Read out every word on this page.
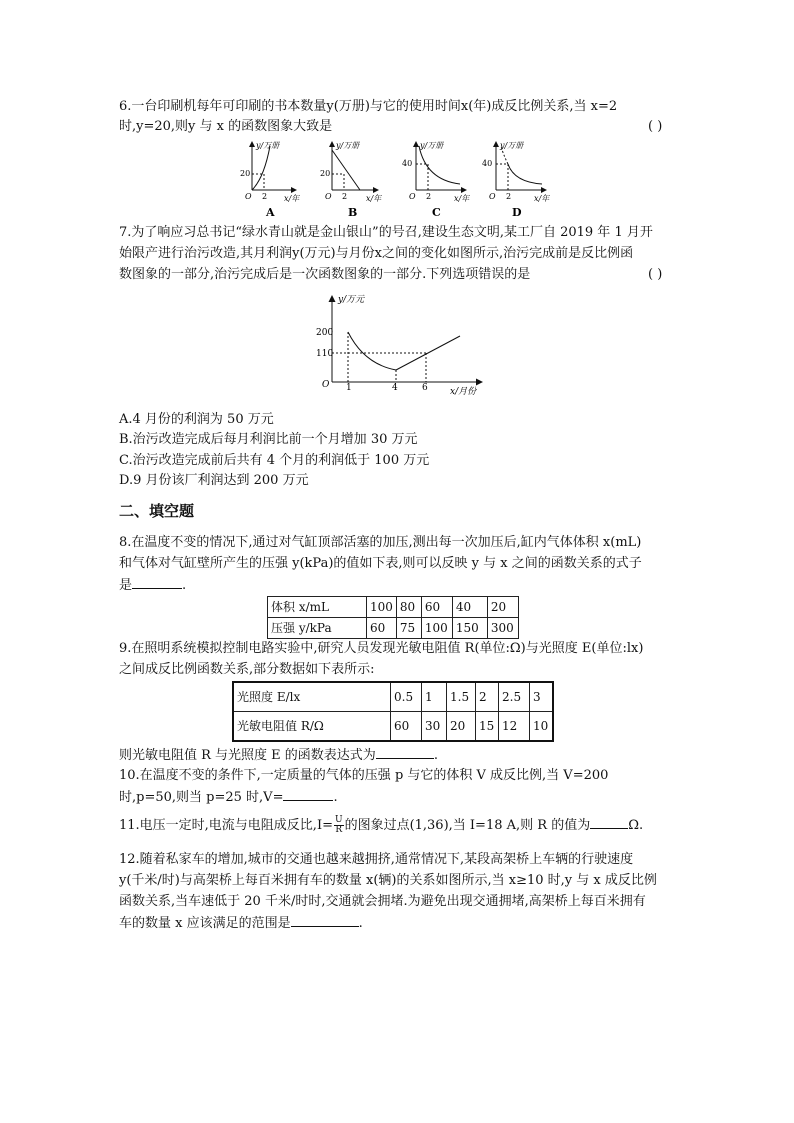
6.一台印刷机每年可印刷的书本数量y(万册)与它的使用时间x(年)成反比例关系,当 x=2
时,y=20,则y 与 x 的函数图象大致是	( )
y/万册
x/年
20
2
O
A
y/万册
x/年
20
2
O
B
y/万册
x/年
40
2
O
C
y/万册
x/年
40
2
O
D
7.为了响应习总书记“绿水青山就是金山银山”的号召,建设生态文明,某工厂自 2019 年 1 月开
始限产进行治污改造,其月利润y(万元)与月份x之间的变化如图所示,治污完成前是反比例函
数图象的一部分,治污完成后是一次函数图象的一部分.下列选项错误的是	( )
y/万元
x/月份
O
200
110
1	4	6
A.4 月份的利润为 50 万元
B.治污改造完成后每月利润比前一个月增加 30 万元
C.治污改造完成前后共有 4 个月的利润低于 100 万元
D.9 月份该厂利润达到 200 万元
二、填空题
8.在温度不变的情况下,通过对气缸顶部活塞的加压,测出每一次加压后,缸内气体体积 x(mL)
和气体对气缸壁所产生的压强 y(kPa)的值如下表,则可以反映 y 与 x 之间的函数关系的式子
是	.
体积 x/mL	100	80	60	40	20
压强 y/kPa	60	75	100	150	300
9.在照明系统模拟控制电路实验中,研究人员发现光敏电阻值 R(单位:Ω)与光照度 E(单位:lx)
之间成反比例函数关系,部分数据如下表所示:
光照度 E/lx	0.5	1	1.5	2	2.5	3
光敏电阻值 R/Ω	60	30	20	15	12	10
则光敏电阻值 R 与光照度 E 的函数表达式为	.
10.在温度不变的条件下,一定质量的气体的压强 p 与它的体积 V 成反比例,当 V=200
时,p=50,则当 p=25 时,V=	.
11.电压一定时,电流与电阻成反比$,I= \frac{U}{R}$ 的图象过点(1,36),当 I=18 A,则 R 的值为	Ω.
12.随着私家车的增加,城市的交通也越来越拥挤,通常情况下,某段高架桥上车辆的行驶速度
y(千米/时)与高架桥上每百米拥有车的数量 x(辆)的关系如图所示,当 x≥10 时,y 与 x 成反比例
函数关系,当车速低于 20 千米/时时,交通就会拥堵.为避免出现交通拥堵,高架桥上每百米拥有
车的数量 x 应该满足的范围是	.
